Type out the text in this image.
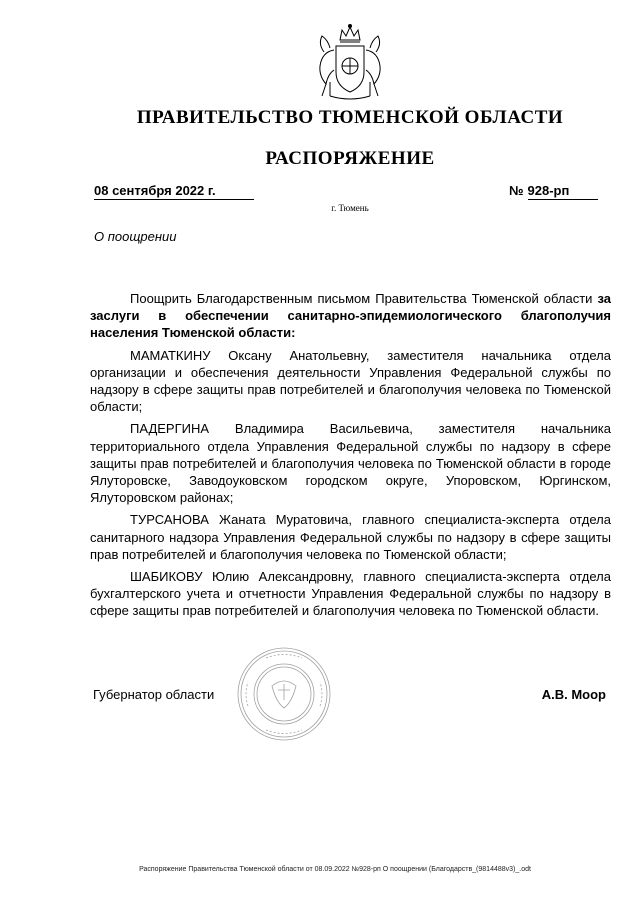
ПРАВИТЕЛЬСТВО ТЮМЕНСКОЙ ОБЛАСТИ
РАСПОРЯЖЕНИЕ
08 сентября 2022 г.	№ 928-рп
г. Тюмень
О поощрении

Поощрить Благодарственным письмом Правительства Тюменской области за заслуги в обеспечении санитарно-эпидемиологического благополучия населения Тюменской области:

МАМАТКИНУ Оксану Анатольевну, заместителя начальника отдела организации и обеспечения деятельности Управления Федеральной службы по надзору в сфере защиты прав потребителей и благополучия человека по Тюменской области;

ПАДЕРГИНА Владимира Васильевича, заместителя начальника территориального отдела Управления Федеральной службы по надзору в сфере защиты прав потребителей и благополучия человека по Тюменской области в городе Ялуторовске, Заводоуковском городском округе, Упоровском, Юргинском, Ялуторовском районах;

ТУРСАНОВА Жаната Муратовича, главного специалиста-эксперта отдела санитарного надзора Управления Федеральной службы по надзору в сфере защиты прав потребителей и благополучия человека по Тюменской области;

ШАБИКОВУ Юлию Александровну, главного специалиста-эксперта отдела бухгалтерского учета и отчетности Управления Федеральной службы по надзору в сфере защиты прав потребителей и благополучия человека по Тюменской области.

Губернатор области	А.В. Моор
Распоряжение Правительства Тюменской области от 08.09.2022 №928-рп О поощрении (Благодарств_(9814488v3)_.odt
